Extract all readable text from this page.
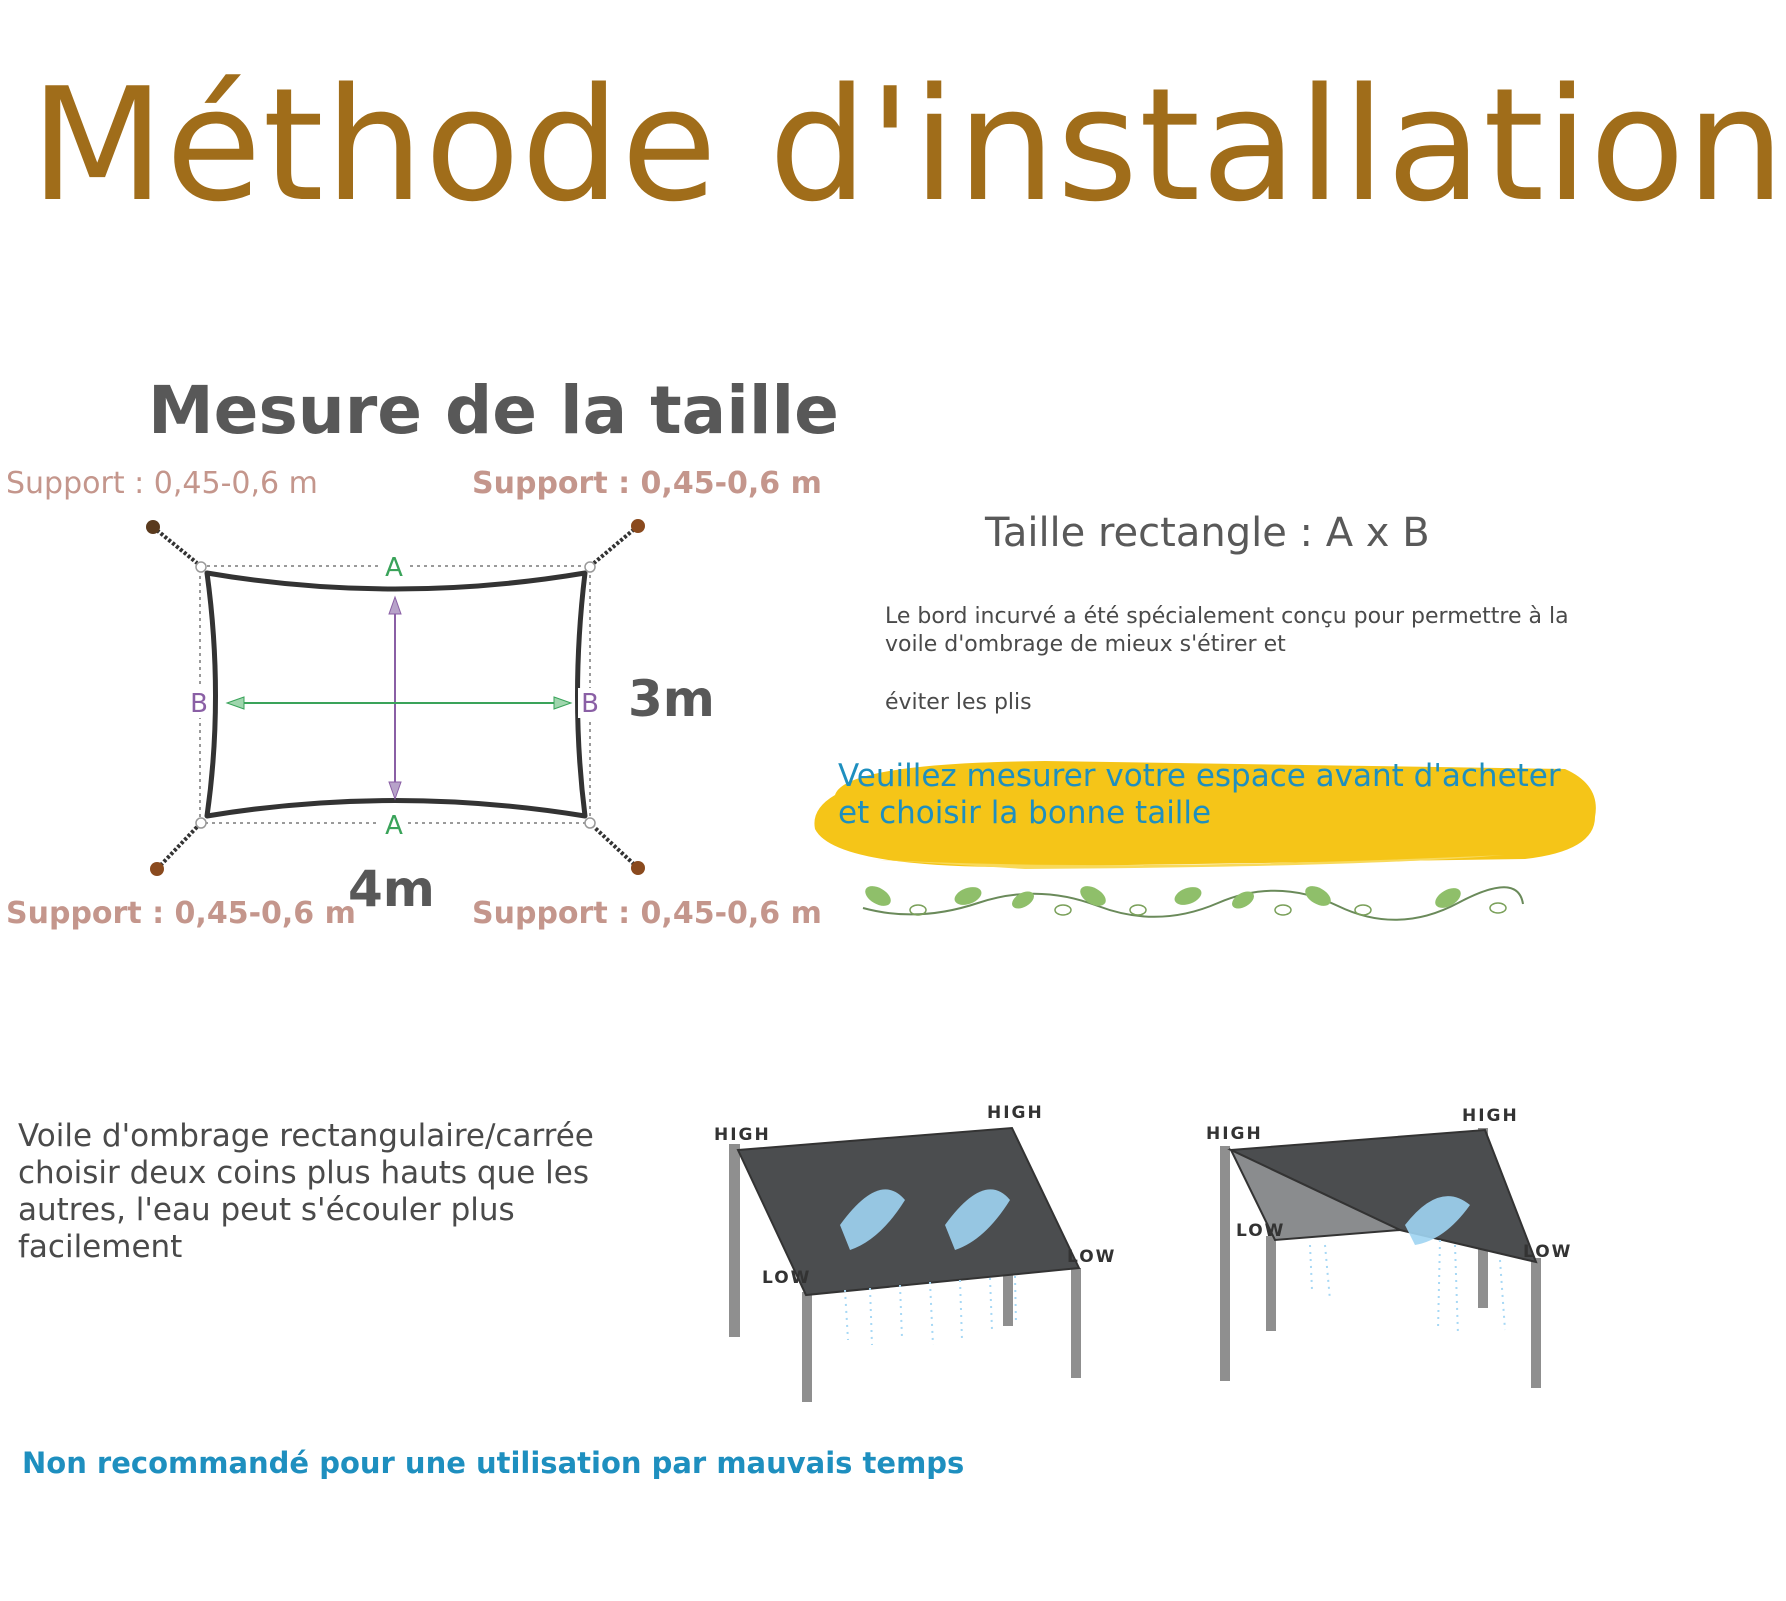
Méthode d'installation
Mesure de la taille
Support : 0,45-0,6 m	Support : 0,45-0,6 m
Support : 0,45-0,6 m	Support : 0,45-0,6 m
A
A
B	B 3m
4m
Taille rectangle : A x B
Le bord incurvé a été spécialement conçu pour permettre à la voile d'ombrage de mieux s'étirer et
éviter les plis
Veuillez mesurer votre espace avant d'acheter et choisir la bonne taille
Voile d'ombrage rectangulaire/carrée choisir deux coins plus hauts que les autres, l'eau peut s'écouler plus facilement
HIGH
HIGH
LOW
LOW
HIGH
HIGH
LOW
LOW
Non recommandé pour une utilisation par mauvais temps
